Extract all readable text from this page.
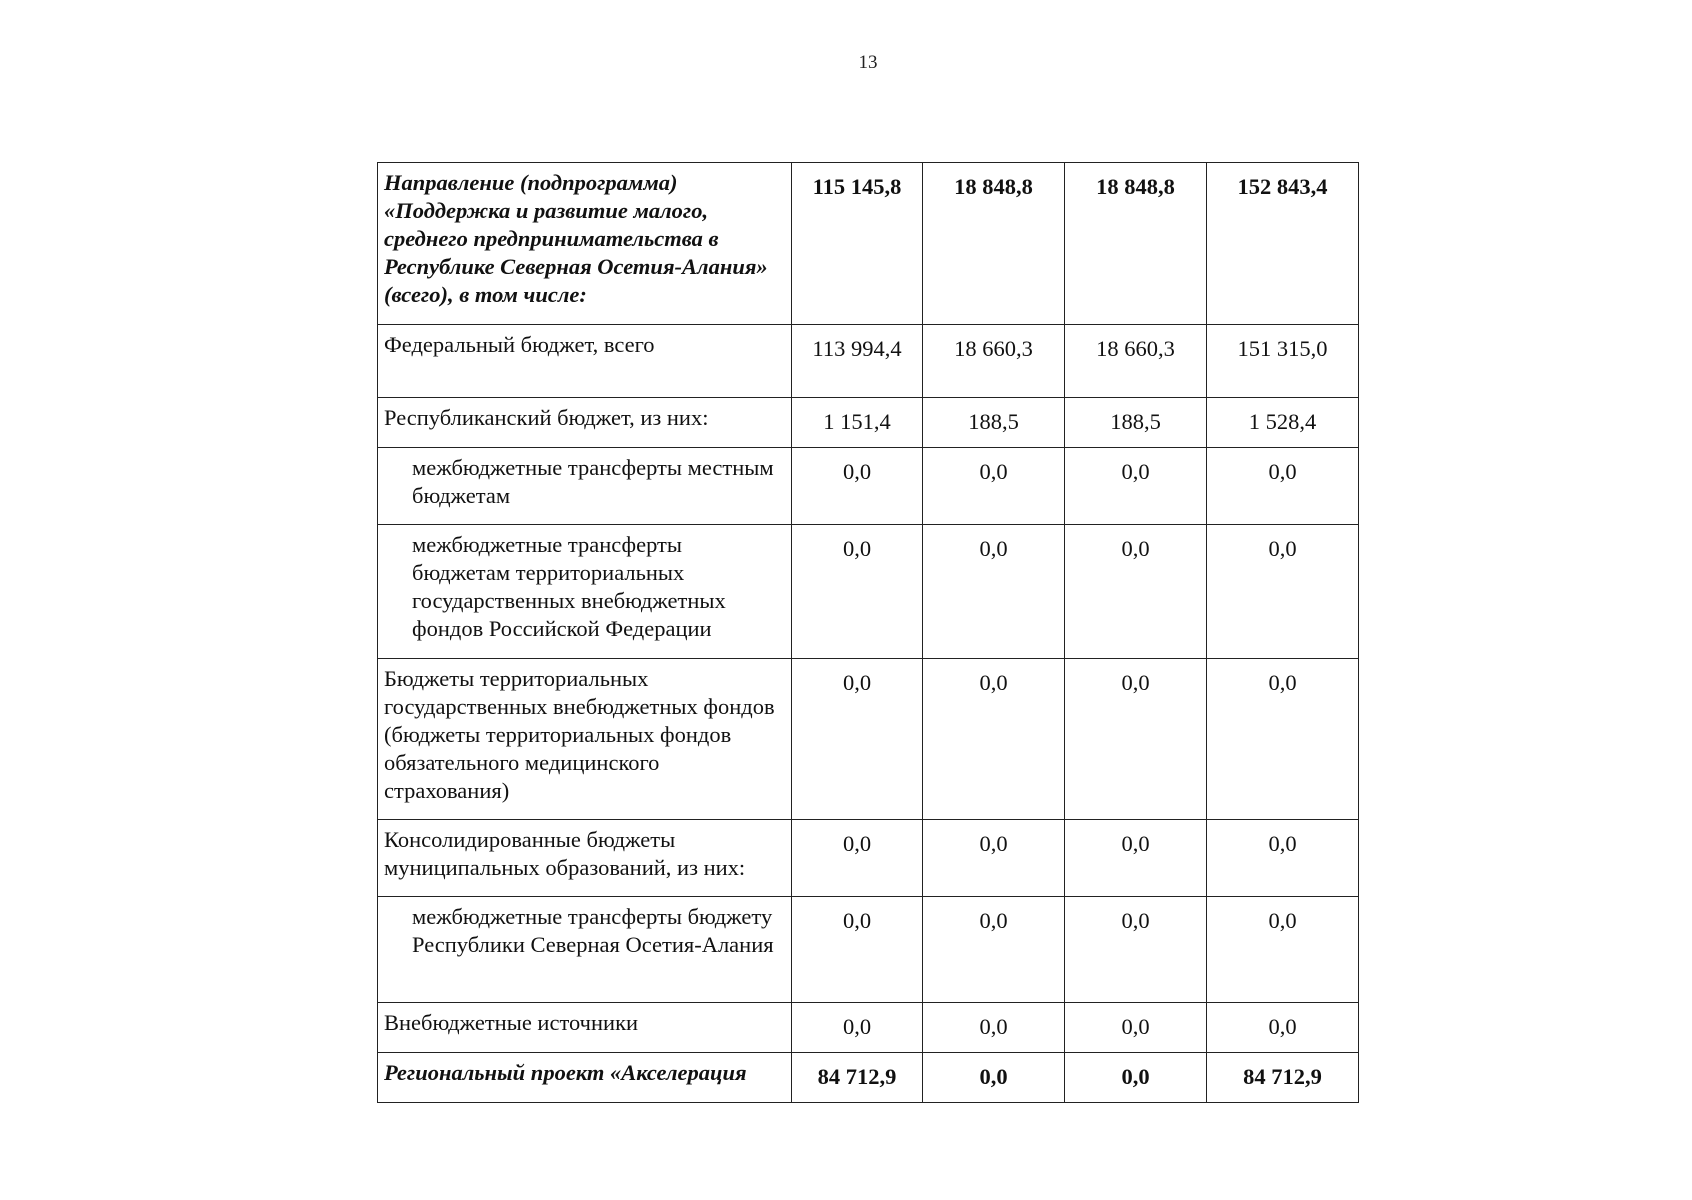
13
Направление (подпрограмма) «Поддержка и развитие малого, среднего предпринимательства в Республике Северная Осетия-Алания» (всего), в том числе:	115 145,8	18 848,8	18 848,8	152 843,4
Федеральный бюджет, всего	113 994,4	18 660,3	18 660,3	151 315,0
Республиканский бюджет, из них:	1 151,4	188,5	188,5	1 528,4
межбюджетные трансферты местным бюджетам	0,0	0,0	0,0	0,0
межбюджетные трансферты бюджетам территориальных государственных внебюджетных фондов Российской Федерации	0,0	0,0	0,0	0,0
Бюджеты территориальных государственных внебюджетных фондов (бюджеты территориальных фондов обязательного медицинского страхования)	0,0	0,0	0,0	0,0
Консолидированные бюджеты муниципальных образований, из них:	0,0	0,0	0,0	0,0
межбюджетные трансферты бюджету Республики Северная Осетия-Алания	0,0	0,0	0,0	0,0
Внебюджетные источники	0,0	0,0	0,0	0,0
Региональный проект «Акселерация	84 712,9	0,0	0,0	84 712,9
